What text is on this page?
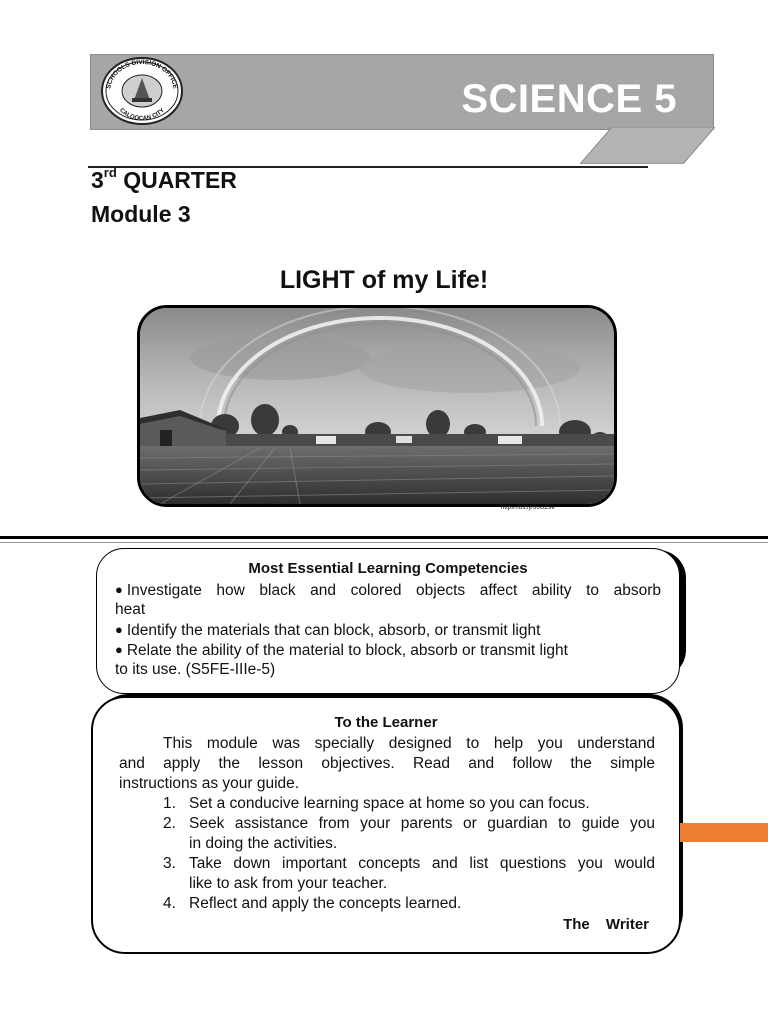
SCIENCE 5
SCHOOLS DIVISION OFFICE
CALOOCAN CITY
3rd QUARTER
Module 3
LIGHT of my Life!
https://bit.ly/36OZ9e
Most Essential Learning Competencies
● Investigate how black and colored objects affect ability to absorb
heat
● Identify the materials that can block, absorb, or transmit light
● Relate the ability of the material to block, absorb or transmit light
to its use. (S5FE-IIIe-5)
To the Learner

This module was specially designed to help you understand

and apply the lesson objectives. Read and follow the simple

instructions as your guide.

1. Set a conducive learning space at home so you can focus.
2. Seek assistance from your parents or guardian to guide you
in doing the activities.
3. Take down important concepts and list questions you would
like to ask from your teacher.
4. Reflect and apply the concepts learned.
The Writer
